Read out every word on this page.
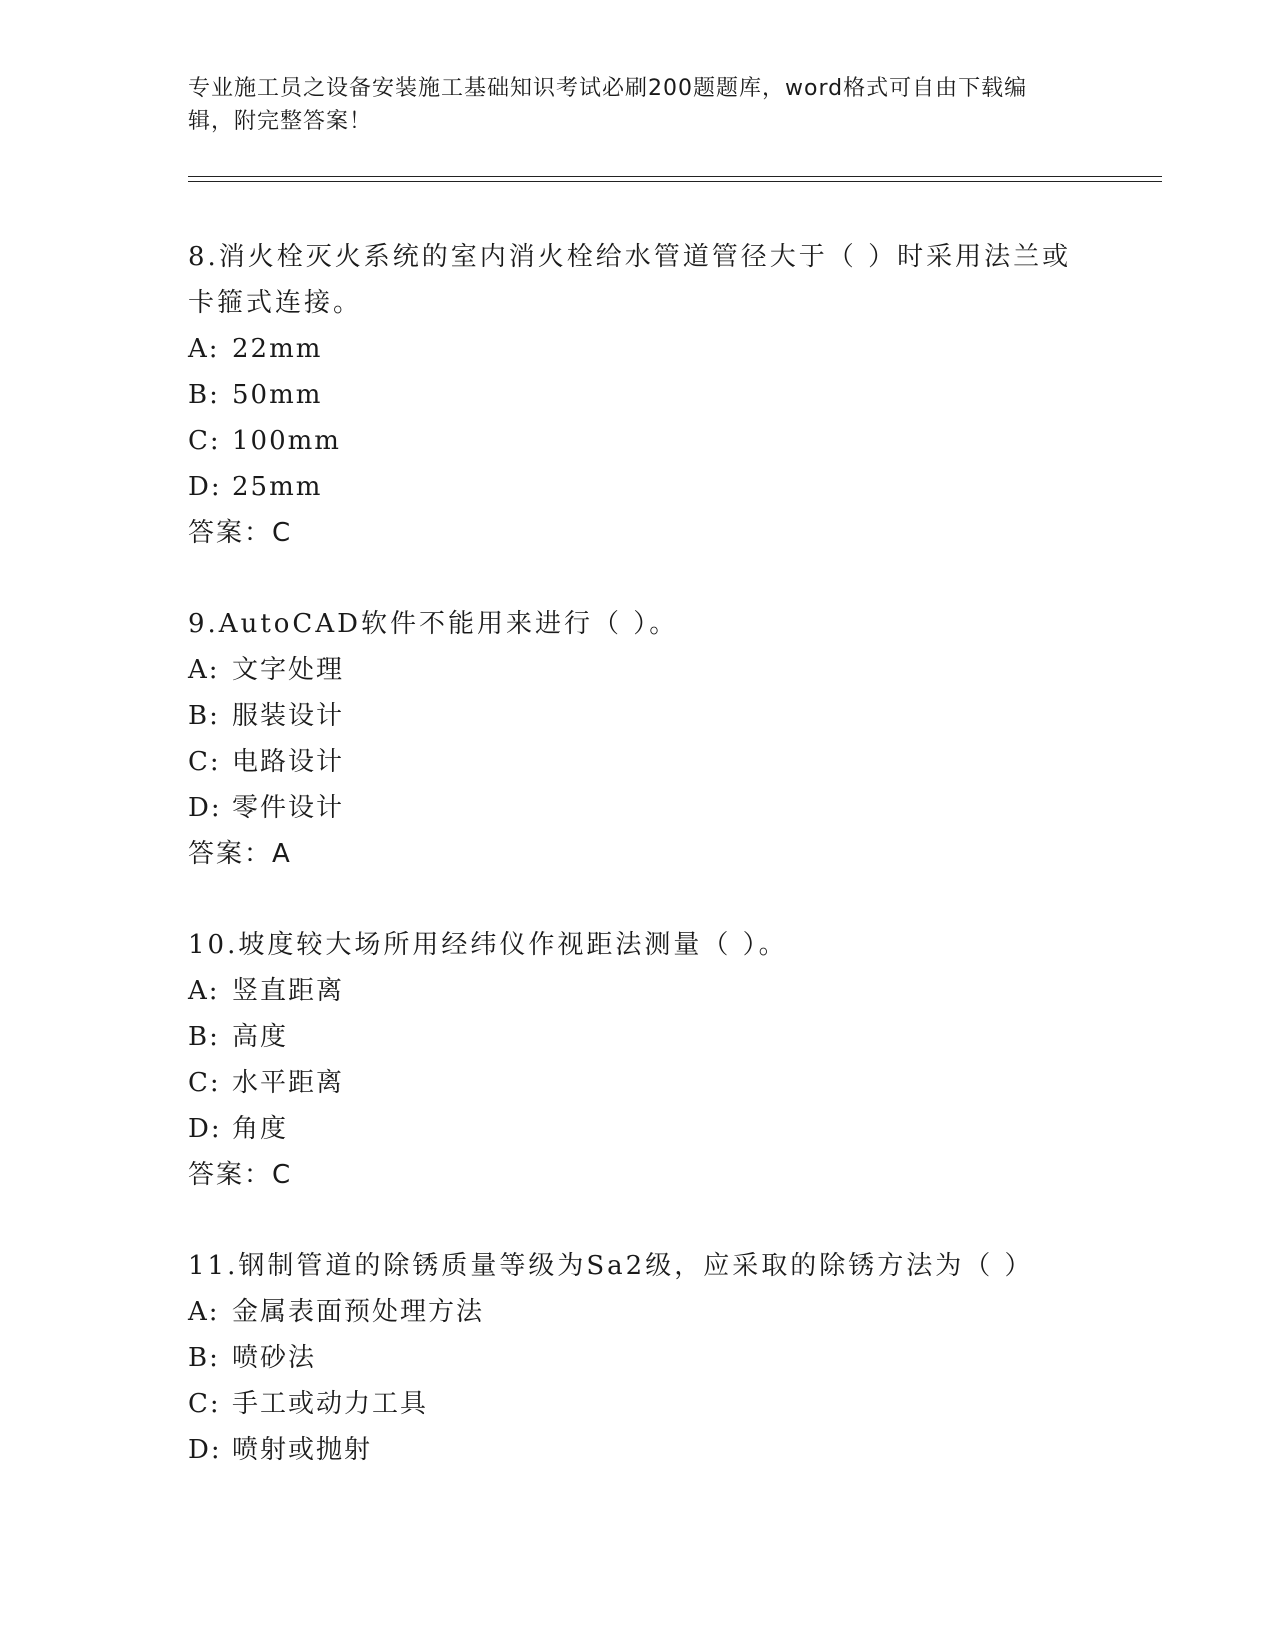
专业施工员之设备安装施工基础知识考试必刷200题题库，word格式可自由下载编辑，附完整答案！
8.消火栓灭火系统的室内消火栓给水管道管径大于（ ）时采用法兰或卡箍式连接。
A: 22mm
B: 50mm
C: 100mm
D: 25mm
答案：C
9.AutoCAD软件不能用来进行（ ）。
A: 文字处理
B: 服装设计
C: 电路设计
D: 零件设计
答案：A
10.坡度较大场所用经纬仪作视距法测量（ ）。
A: 竖直距离
B: 高度
C: 水平距离
D: 角度
答案：C
11.钢制管道的除锈质量等级为Sa2级，应采取的除锈方法为（ ）
A: 金属表面预处理方法
B: 喷砂法
C: 手工或动力工具
D: 喷射或抛射
